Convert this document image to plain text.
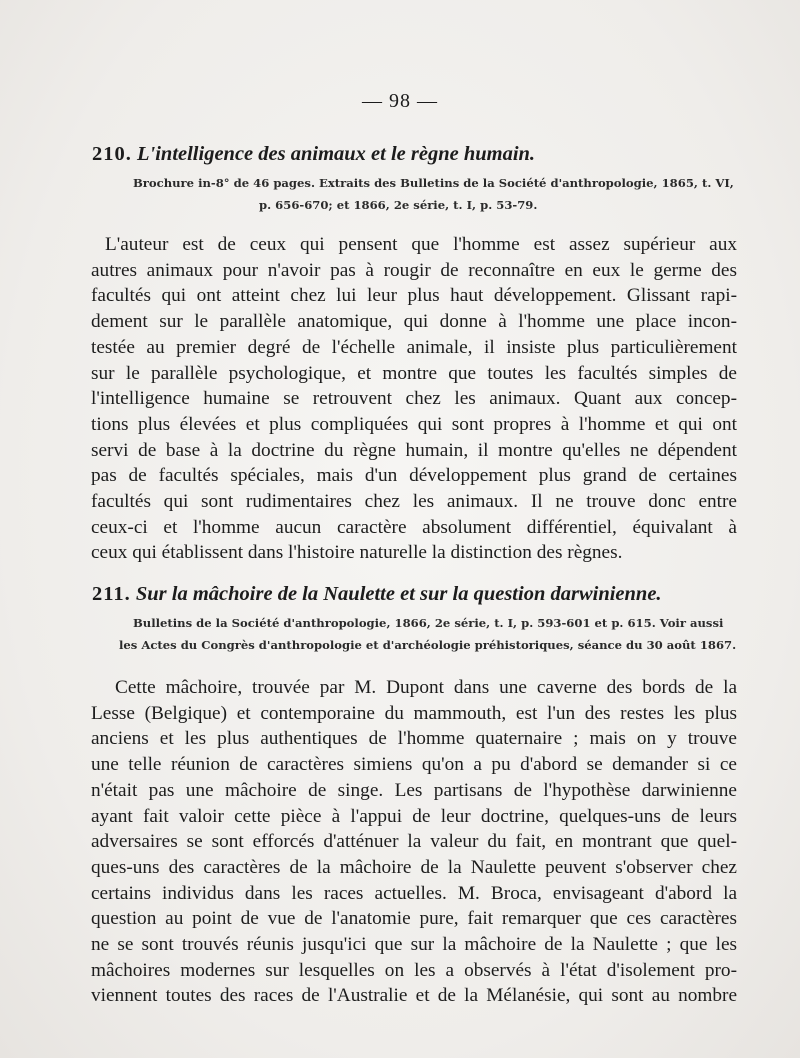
— 98 —
210. L'intelligence des animaux et le règne humain.
Brochure in-8° de 46 pages. Extraits des Bulletins de la Société d'anthropologie, 1865, t. VI,
p. 656-670; et 1866, 2e série, t. I, p. 53-79.
L'auteur est de ceux qui pensent que l'homme est assez supérieur aux
autres animaux pour n'avoir pas à rougir de reconnaître en eux le germe des
facultés qui ont atteint chez lui leur plus haut développement. Glissant rapi-
dement sur le parallèle anatomique, qui donne à l'homme une place incon-
testée au premier degré de l'échelle animale, il insiste plus particulièrement
sur le parallèle psychologique, et montre que toutes les facultés simples de
l'intelligence humaine se retrouvent chez les animaux. Quant aux concep-
tions plus élevées et plus compliquées qui sont propres à l'homme et qui ont
servi de base à la doctrine du règne humain, il montre qu'elles ne dépendent
pas de facultés spéciales, mais d'un développement plus grand de certaines
facultés qui sont rudimentaires chez les animaux. Il ne trouve donc entre
ceux-ci et l'homme aucun caractère absolument différentiel, équivalant à
ceux qui établissent dans l'histoire naturelle la distinction des règnes.
211. Sur la mâchoire de la Naulette et sur la question darwinienne.
Bulletins de la Société d'anthropologie, 1866, 2e série, t. I, p. 593-601 et p. 615. Voir aussi
les Actes du Congrès d'anthropologie et d'archéologie préhistoriques, séance du 30 août 1867.
Cette mâchoire, trouvée par M. Dupont dans une caverne des bords de la
Lesse (Belgique) et contemporaine du mammouth, est l'un des restes les plus
anciens et les plus authentiques de l'homme quaternaire ; mais on y trouve
une telle réunion de caractères simiens qu'on a pu d'abord se demander si ce
n'était pas une mâchoire de singe. Les partisans de l'hypothèse darwinienne
ayant fait valoir cette pièce à l'appui de leur doctrine, quelques-uns de leurs
adversaires se sont efforcés d'atténuer la valeur du fait, en montrant que quel-
ques-uns des caractères de la mâchoire de la Naulette peuvent s'observer chez
certains individus dans les races actuelles. M. Broca, envisageant d'abord la
question au point de vue de l'anatomie pure, fait remarquer que ces caractères
ne se sont trouvés réunis jusqu'ici que sur la mâchoire de la Naulette ; que les
mâchoires modernes sur lesquelles on les a observés à l'état d'isolement pro-
viennent toutes des races de l'Australie et de la Mélanésie, qui sont au nombre
